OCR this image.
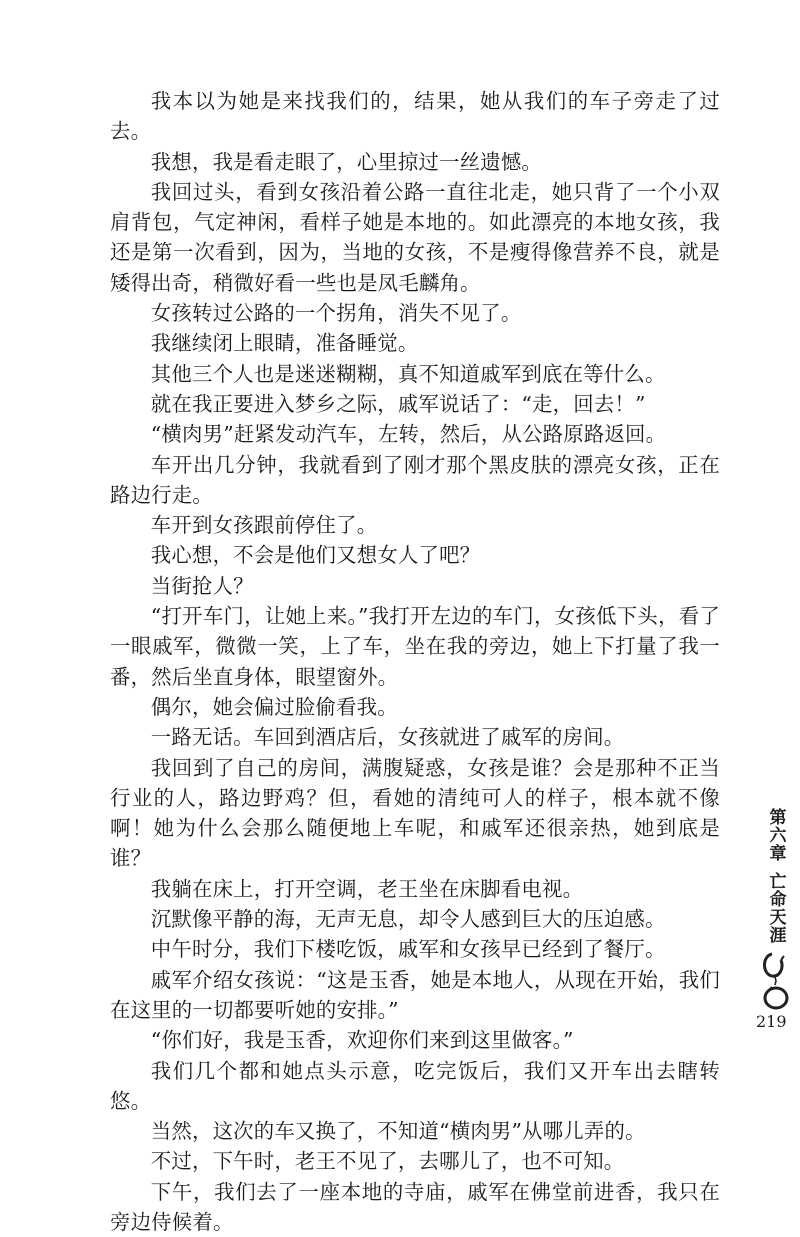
我本以为她是来找我们的，结果，她从我们的车子旁走了过去。

我想，我是看走眼了，心里掠过一丝遗憾。

我回过头，看到女孩沿着公路一直往北走，她只背了一个小双肩背包，气定神闲，看样子她是本地的。如此漂亮的本地女孩，我还是第一次看到，因为，当地的女孩，不是瘦得像营养不良，就是矮得出奇，稍微好看一些也是凤毛麟角。

女孩转过公路的一个拐角，消失不见了。

我继续闭上眼睛，准备睡觉。

其他三个人也是迷迷糊糊，真不知道戚军到底在等什么。

就在我正要进入梦乡之际，戚军说话了：“走，回去！”

“横肉男”赶紧发动汽车，左转，然后，从公路原路返回。

车开出几分钟，我就看到了刚才那个黑皮肤的漂亮女孩，正在路边行走。

车开到女孩跟前停住了。

我心想，不会是他们又想女人了吧？

当街抢人？

“打开车门，让她上来。”我打开左边的车门，女孩低下头，看了一眼戚军，微微一笑，上了车，坐在我的旁边，她上下打量了我一番，然后坐直身体，眼望窗外。

偶尔，她会偏过脸偷看我。

一路无话。车回到酒店后，女孩就进了戚军的房间。

我回到了自己的房间，满腹疑惑，女孩是谁？会是那种不正当行业的人，路边野鸡？但，看她的清纯可人的样子，根本就不像啊！她为什么会那么随便地上车呢，和戚军还很亲热，她到底是谁？

我躺在床上，打开空调，老王坐在床脚看电视。

沉默像平静的海，无声无息，却令人感到巨大的压迫感。

中午时分，我们下楼吃饭，戚军和女孩早已经到了餐厅。

戚军介绍女孩说：“这是玉香，她是本地人，从现在开始，我们在这里的一切都要听她的安排。”

“你们好，我是玉香，欢迎你们来到这里做客。”

我们几个都和她点头示意，吃完饭后，我们又开车出去瞎转悠。

当然，这次的车又换了，不知道“横肉男”从哪儿弄的。

不过，下午时，老王不见了，去哪儿了，也不可知。

下午，我们去了一座本地的寺庙，戚军在佛堂前进香，我只在旁边侍候着。

第六章
亡命天涯
219
